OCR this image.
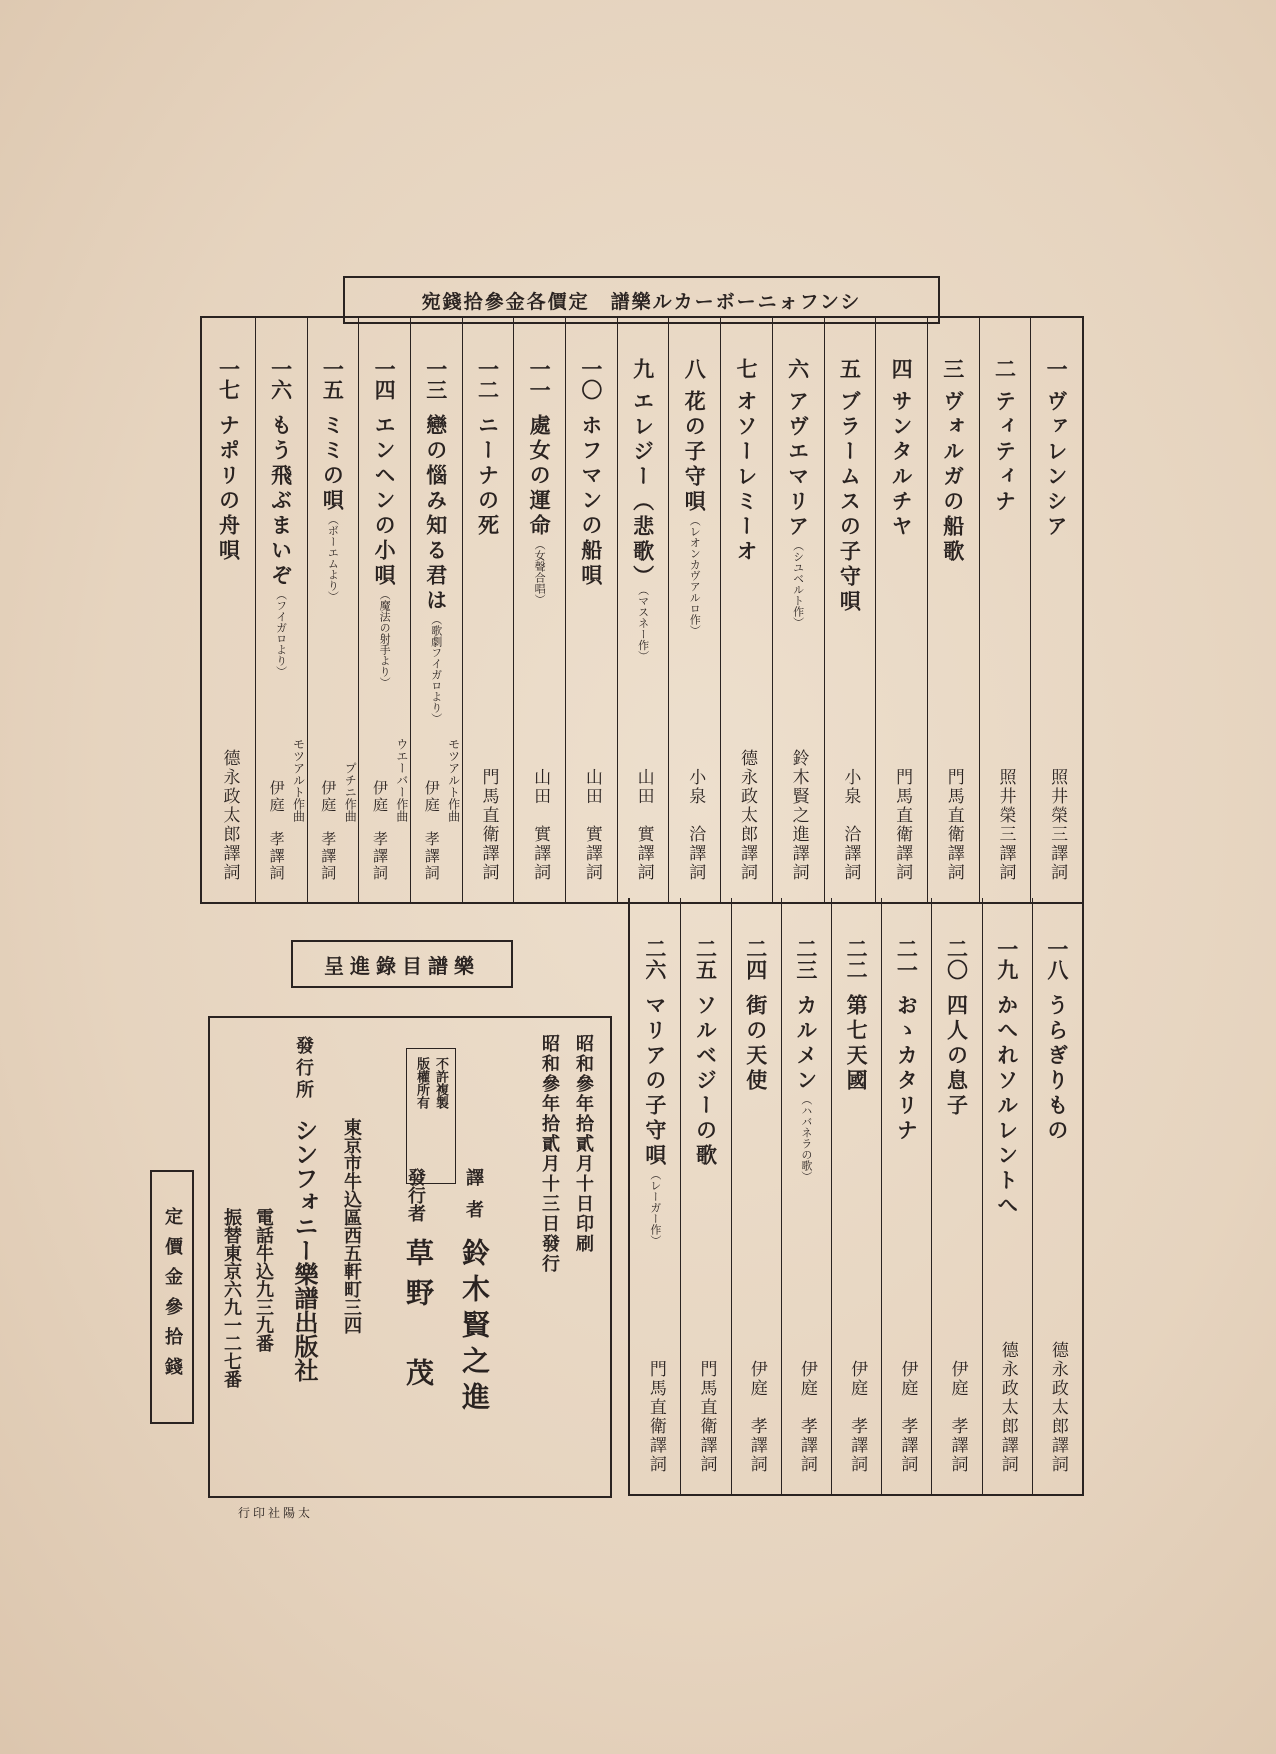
シンフォニーボーカル樂譜　定價各金參拾錢宛
一
ヴァレンシア
照井榮三譯詞
二
ティティナ
照井榮三譯詞
三
ヴォルガの船歌
門馬直衛譯詞
四
サンタルチヤ
門馬直衛譯詞
五
ブラームスの子守唄
小泉　洽譯詞
六
アヴエマリア（シユベルト作）
鈴木賢之進譯詞
七
オソーレミーオ
德永政太郎譯詞
八
花の子守唄（レオンカヴアルロ作）
小泉　洽譯詞
九
エレジー（悲歌）（マスネー作）
山田　實譯詞
一〇
ホフマンの船唄
山田　實譯詞
一一
處女の運命（女聲合唱）
山田　實譯詞
一二
ニーナの死
門馬直衛譯詞
一三
戀の惱み知る君は（歌劇フイガロより）
モツアルト作曲
伊庭　孝譯詞
一四
エンヘンの小唄（魔法の射手より）
ウエーバー作曲
伊庭　孝譯詞
一五
ミミの唄（ボーエムより）
プチニ作曲
伊庭　孝譯詞
一六
もう飛ぶまいぞ（フイガロより）
モツアルト作曲
伊庭　孝譯詞
一七
ナポリの舟唄
德永政太郎譯詞
一八
うらぎりもの
德永政太郎譯詞
一九
かへれソルレントへ
德永政太郎譯詞
二〇
四人の息子
伊庭　孝譯詞
二一
おゝカタリナ
伊庭　孝譯詞
二二
第七天國
伊庭　孝譯詞
二三
カルメン（ハバネラの歌）
伊庭　孝譯詞
二四
街の天使
伊庭　孝譯詞
二五
ソルベジーの歌
門馬直衛譯詞
二六
マリアの子守唄（レーガー作）
門馬直衛譯詞
樂譜目錄進呈
昭和參年拾貳月十日印刷
昭和參年拾貳月十三日發行
版權所有 不許複製
譯者
鈴木賢之進
發行者
草野　茂
東京市牛込區西五軒町三四
發行所
シンフォニー樂譜出版社
電話牛込九三九番
振替東京六九一二七番
定價金參拾錢
太陽社印行
